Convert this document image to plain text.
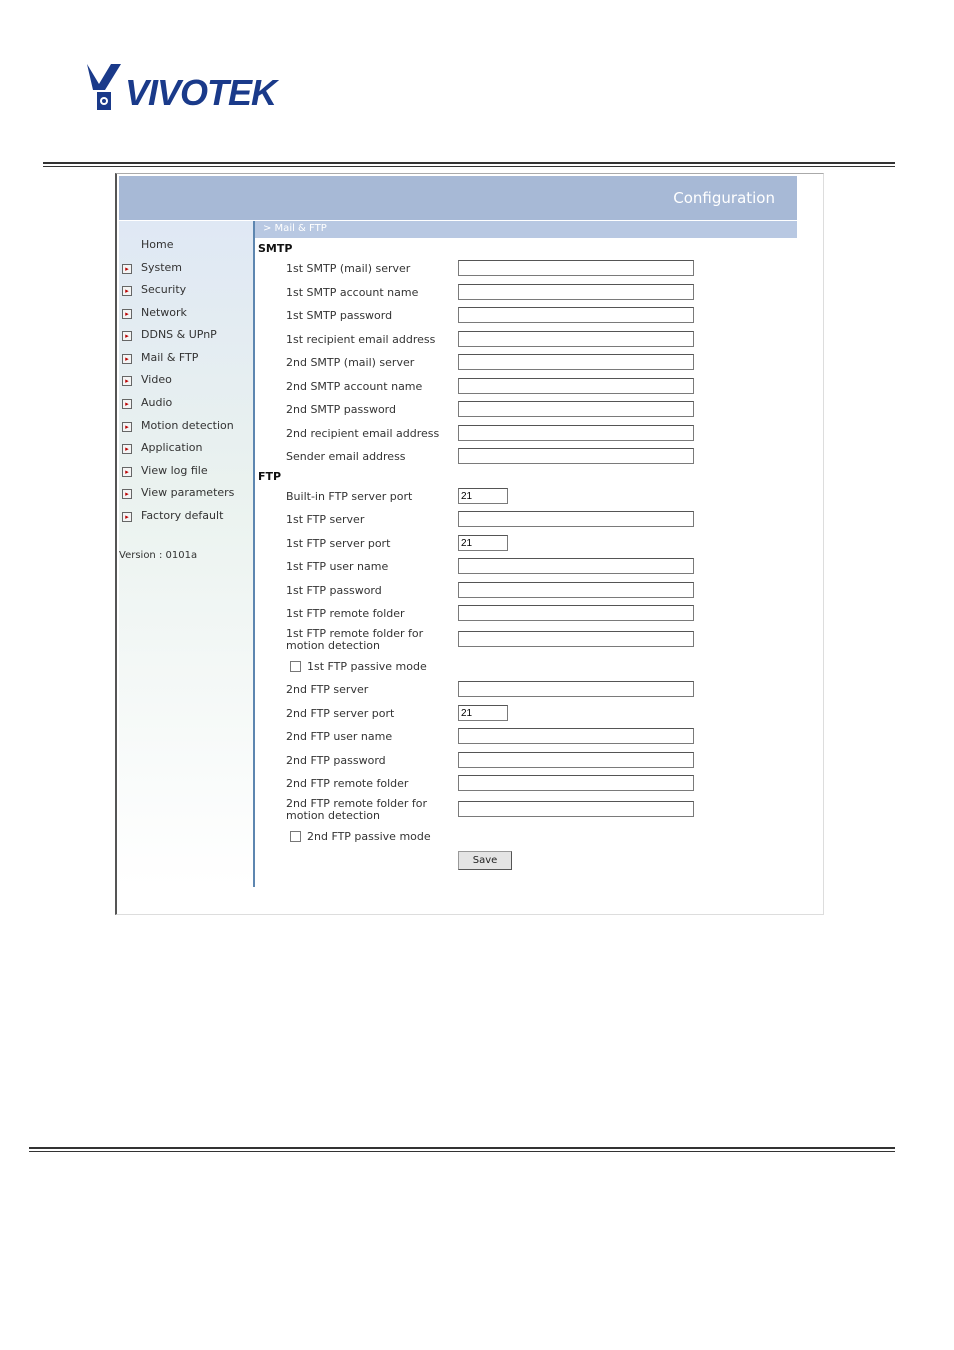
VIVOTEK
Configuration
> Mail & FTP
Home
▸ System
▸ Security
▸ Network
▸ DDNS & UPnP
▸ Mail & FTP
▸ Video
▸ Audio
▸ Motion detection
▸ Application
▸ View log file
▸ View parameters
▸ Factory default
Version : 0101a
SMTP
1st SMTP (mail) server
1st SMTP account name
1st SMTP password
1st recipient email address
2nd SMTP (mail) server
2nd SMTP account name
2nd SMTP password
2nd recipient email address
Sender email address
FTP
Built-in FTP server port
21
1st FTP server
1st FTP server port
21
1st FTP user name
1st FTP password
1st FTP remote folder
1st FTP remote folder for
motion detection
1st FTP passive mode
2nd FTP server
2nd FTP server port
21
2nd FTP user name
2nd FTP password
2nd FTP remote folder
2nd FTP remote folder for
motion detection
2nd FTP passive mode
Save
